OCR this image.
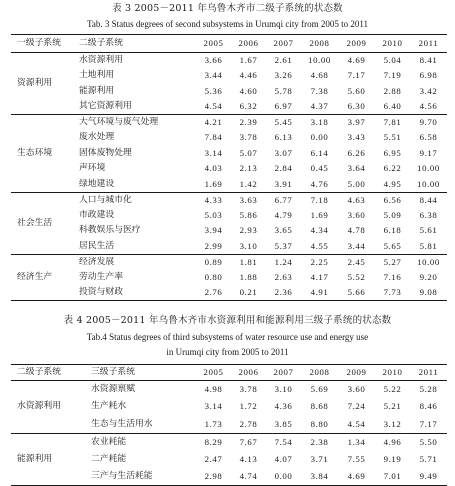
表 3 2005－2011 年乌鲁木齐市二级子系统的状态数
Tab. 3 Status degrees of second subsystems in Urumqi city from 2005 to 2011
一级子系统	二级子系统	2005	2006	2007	2008	2009	2010	2011
资源利用	水资源利用	3.66	1.67	2.61	10.00	4.69	5.04	8.41
	土地利用	3.44	4.46	3.26	4.68	7.17	7.19	6.98
	能源利用	5.36	4.60	5.78	7.38	5.60	2.88	3.42
	其它资源利用	4.54	6.32	6.97	4.37	6.30	6.40	4.56
生态环境	大气环境与废气处理	4.21	2.39	5.45	3.18	3.97	7.81	9.70
	废水处理	7.84	3.78	6.13	0.00	3.43	5.51	6.58
	固体废物处理	3.14	5.07	3.07	6.14	6.26	6.95	9.17
	声环境	4.03	2.13	2.84	0.45	3.64	6.22	10.00
	绿地建设	1.69	1.42	3.91	4.76	5.00	4.95	10.00
社会生活	人口与城市化	4.33	3.63	6.77	7.18	4.63	6.56	8.44
	市政建设	5.03	5.86	4.79	1.69	3.60	5.09	6.38
	科教娱乐与医疗	3.94	2.93	3.65	4.34	4.78	6.18	5.61
	居民生活	2.99	3.10	5.37	4.55	3.44	5.65	5.81
经济生产	经济发展	0.89	1.81	1.24	2.25	2.45	5.27	10.00
	劳动生产率	0.80	1.88	2.63	4.17	5.52	7.16	9.20
	投资与财政	2.76	0.21	2.36	4.91	5.66	7.73	9.08
表 4 2005－2011 年乌鲁木齐市水资源利用和能源利用三级子系统的状态数
Tab.4 Status degrees of third subsystems of water resource use and energy use
in Urumqi city from 2005 to 2011
二级子系统	三级子系统	2005	2006	2007	2008	2009	2010	2011
水资源利用	水资源禀赋	4.98	3.78	3.10	5.69	3.60	5.22	5.28
	生产耗水	3.14	1.72	4.36	8.68	7.24	5.21	8.46
	生态与生活用水	1.73	2.78	3.85	8.80	4.54	3.12	7.17
能源利用	农业耗能	8.29	7.67	7.54	2.38	1.34	4.96	5.50
	二产耗能	2.47	4.13	4.07	3.71	7.55	9.19	5.71
	三产与生活耗能	2.98	4.74	0.00	3.84	4.69	7.01	9.49
